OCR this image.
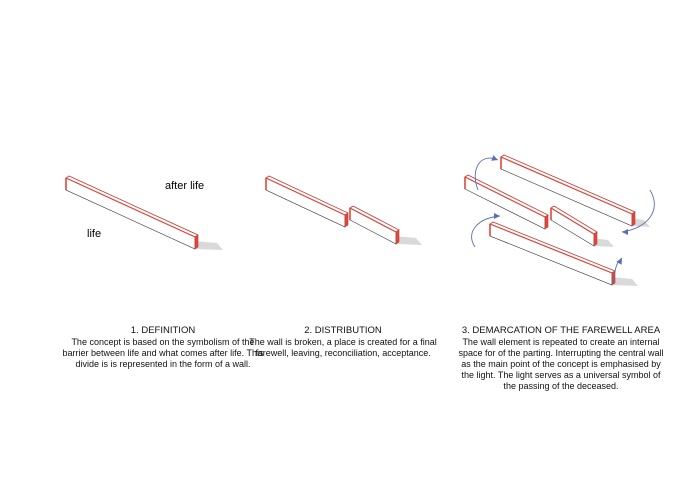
after life
life
1. DEFINITION
The concept is based on the symbolism of the barrier between life and what comes after life. This divide is is represented in the form of a wall.
2. DISTRIBUTION
The wall is broken, a place is created for a final farewell, leaving, reconciliation, acceptance.
3. DEMARCATION OF THE FAREWELL AREA
The wall element is repeated to create an internal space for of the parting. Interrupting the central wall as the main point of the concept is emphasised by the light. The light serves as a universal symbol of the passing of the deceased.
